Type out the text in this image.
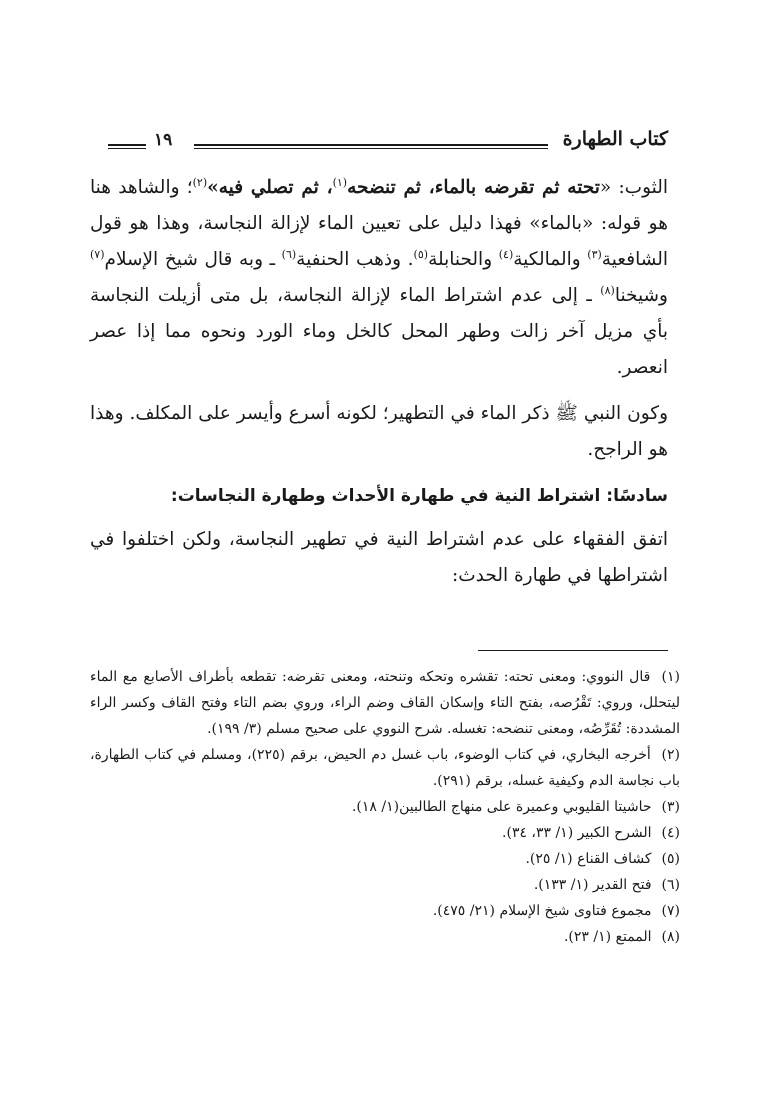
كتاب الطهارة
١٩

الثوب: «تحته ثم تقرضه بالماء، ثم تنضحه$^{(١)}$، ثم تصلي فيه»$^{(٢)}$؛ والشاهد هنا هو قوله: «بالماء» فهذا دليل على تعيين الماء لإزالة النجاسة، وهذا هو قول الشافعية$^{(٣)}$ والمالكية$^{(٤)}$ والحنابلة$^{(٥)}$. وذهب الحنفية$^{(٦)}$ ـ وبه قال شيخ الإسلام$^{(٧)}$ وشيخنا$^{(٨)}$ ـ إلى عدم اشتراط الماء لإزالة النجاسة، بل متى أزيلت النجاسة بأي مزيل آخر زالت وطهر المحل كالخل وماء الورد ونحوه مما إذا عصر انعصر.

وكون النبي ﷺ ذكر الماء في التطهير؛ لكونه أسرع وأيسر على المكلف. وهذا هو الراجح.

سادسًا: اشتراط النية في طهارة الأحداث وطهارة النجاسات:

اتفق الفقهاء على عدم اشتراط النية في تطهير النجاسة، ولكن اختلفوا في اشتراطها في طهارة الحدث:

(١) قال النووي: ومعنى تحته: تقشره وتحكه وتنحته، ومعنى تقرضه: تقطعه بأطراف الأصابع مع الماء ليتحلل، وروي: تَقْرُصه، بفتح التاء وإسكان القاف وضم الراء، وروي بضم التاء وفتح القاف وكسر الراء المشددة: تُقَرِّصُه، ومعنى تنضحه: تغسله. شرح النووي على صحيح مسلم (٣/ ١٩٩).

(٢) أخرجه البخاري، في كتاب الوضوء، باب غسل دم الحيض، برقم (٢٢٥)، ومسلم في كتاب الطهارة، باب نجاسة الدم وكيفية غسله، برقم (٢٩١).

(٣) حاشيتا القليوبي وعميرة على منهاج الطالبين(١/ ١٨).

(٤) الشرح الكبير (١/ ٣٣، ٣٤).

(٥) كشاف القناع (١/ ٢٥).

(٦) فتح القدير (١/ ١٣٣).

(٧) مجموع فتاوى شيخ الإسلام (٢١/ ٤٧٥).

(٨) الممتع (١/ ٢٣).
